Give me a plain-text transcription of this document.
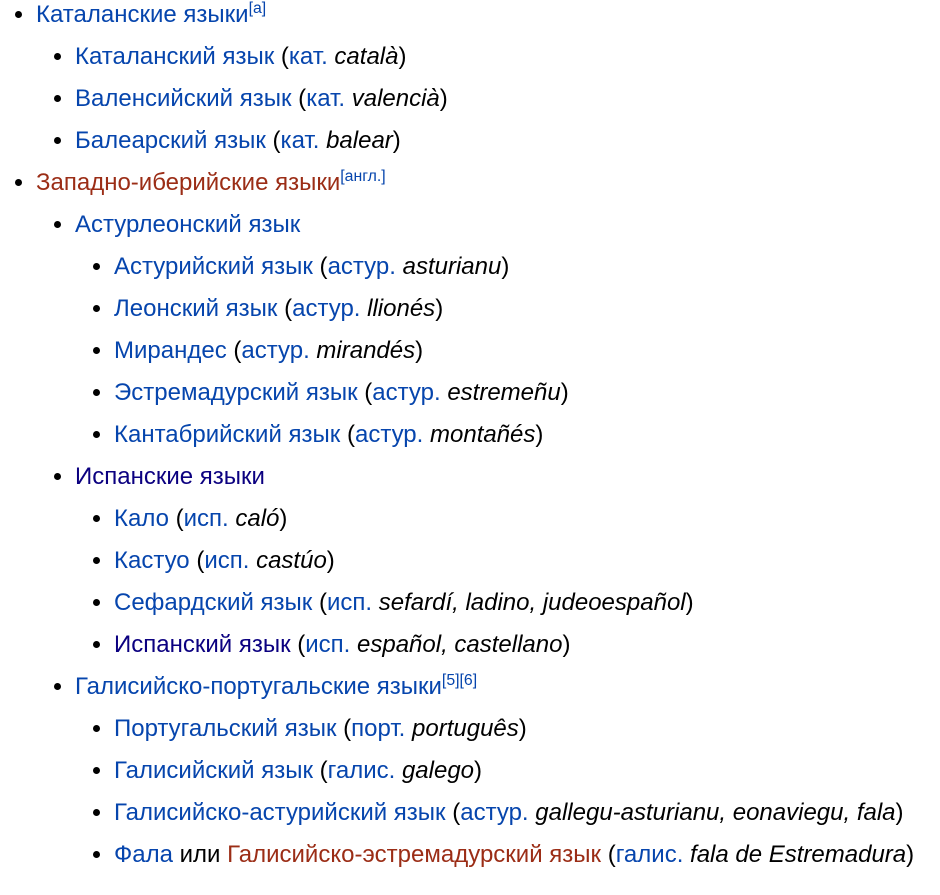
• Каталанские языки[a]
• Каталанский язык (кат. català)
• Валенсийский язык (кат. valencià)
• Балеарский язык (кат. balear)
• Западно-иберийские языки[англ.]
• Астурлеонский язык
• Астурийский язык (астур. asturianu)
• Леонский язык (астур. llionés)
• Мирандес (астур. mirandés)
• Эстремадурский язык (астур. estremeñu)
• Кантабрийский язык (астур. montañés)
• Испанские языки
• Кало (исп. caló)
• Кастуо (исп. castúo)
• Сефардский язык (исп. sefardí, ladino, judeoespañol)
• Испанский язык (исп. español, castellano)
• Галисийско-португальские языки[5][6]
• Португальский язык (порт. português)
• Галисийский язык (галис. galego)
• Галисийско-астурийский язык (астур. gallegu-asturianu, eonaviegu, fala)
• Фала или Галисийско-эстремадурский язык (галис. fala de Estremadura)
